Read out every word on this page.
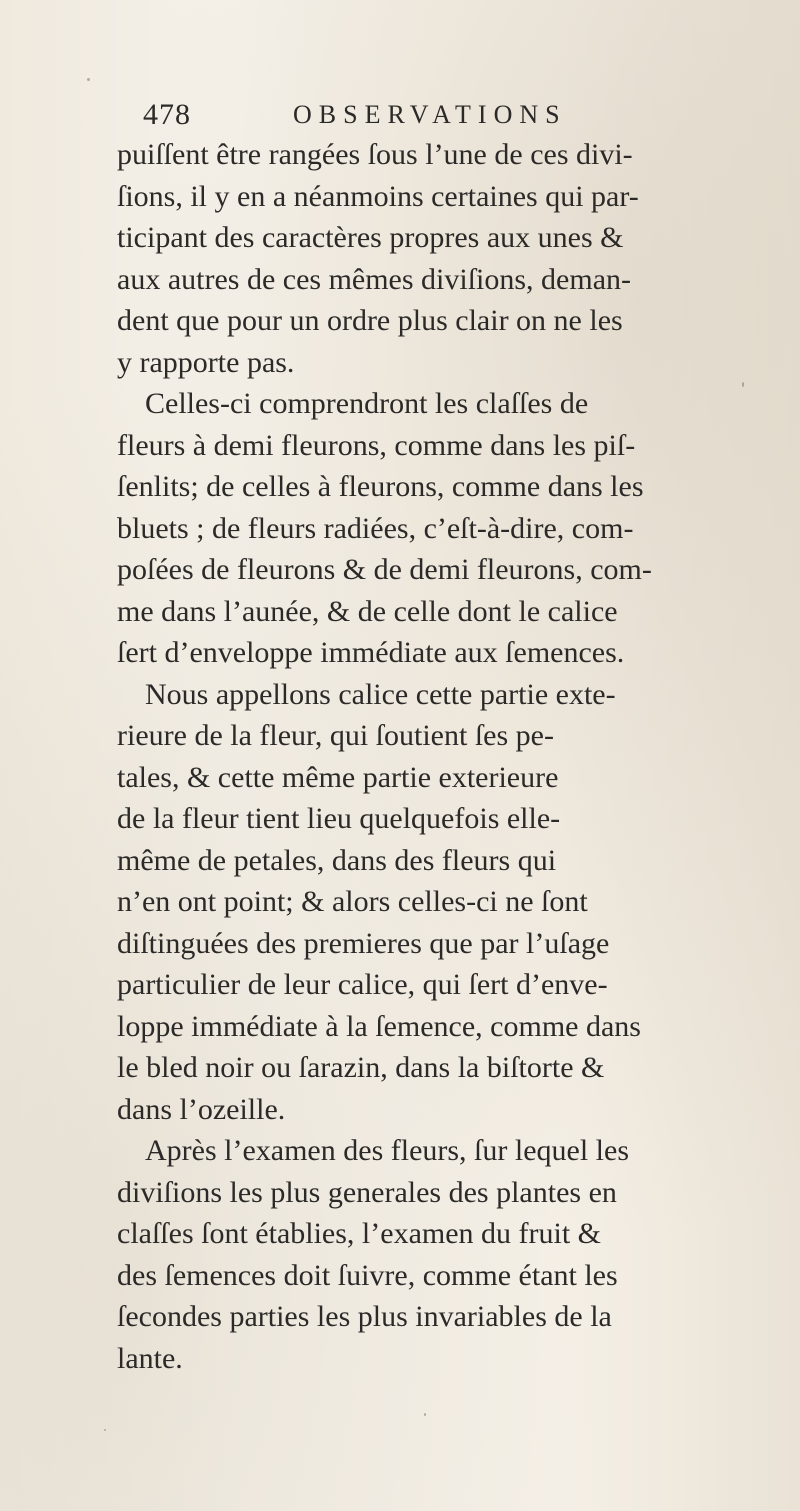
478	OBSERVATIONS
puiſſent être rangées ſous l’une de ces divi-
ſions, il y en a néanmoins certaines qui par-
ticipant des caractères propres aux unes &
aux autres de ces mêmes diviſions, deman-
dent que pour un ordre plus clair on ne les
y rapporte pas.
Celles-ci comprendront les claſſes de
fleurs à demi fleurons, comme dans les piſ-
ſenlits; de celles à fleurons, comme dans les
bluets ; de fleurs radiées, c’eſt-à-dire, com-
poſées de fleurons & de demi fleurons, com-
me dans l’aunée, & de celle dont le calice
ſert d’enveloppe immédiate aux ſemences.
Nous appellons calice cette partie exte-
rieure de la fleur, qui ſoutient ſes pe-
tales, & cette même partie exterieure
de la fleur tient lieu quelquefois elle-
même de petales, dans des fleurs qui
n’en ont point; & alors celles-ci ne ſont
diſtinguées des premieres que par l’uſage
particulier de leur calice, qui ſert d’enve-
loppe immédiate à la ſemence, comme dans
le bled noir ou ſarazin, dans la biſtorte &
dans l’ozeille.
Après l’examen des fleurs, ſur lequel les
diviſions les plus generales des plantes en
claſſes ſont établies, l’examen du fruit &
des ſemences doit ſuivre, comme étant les
ſecondes parties les plus invariables de la
lante.
